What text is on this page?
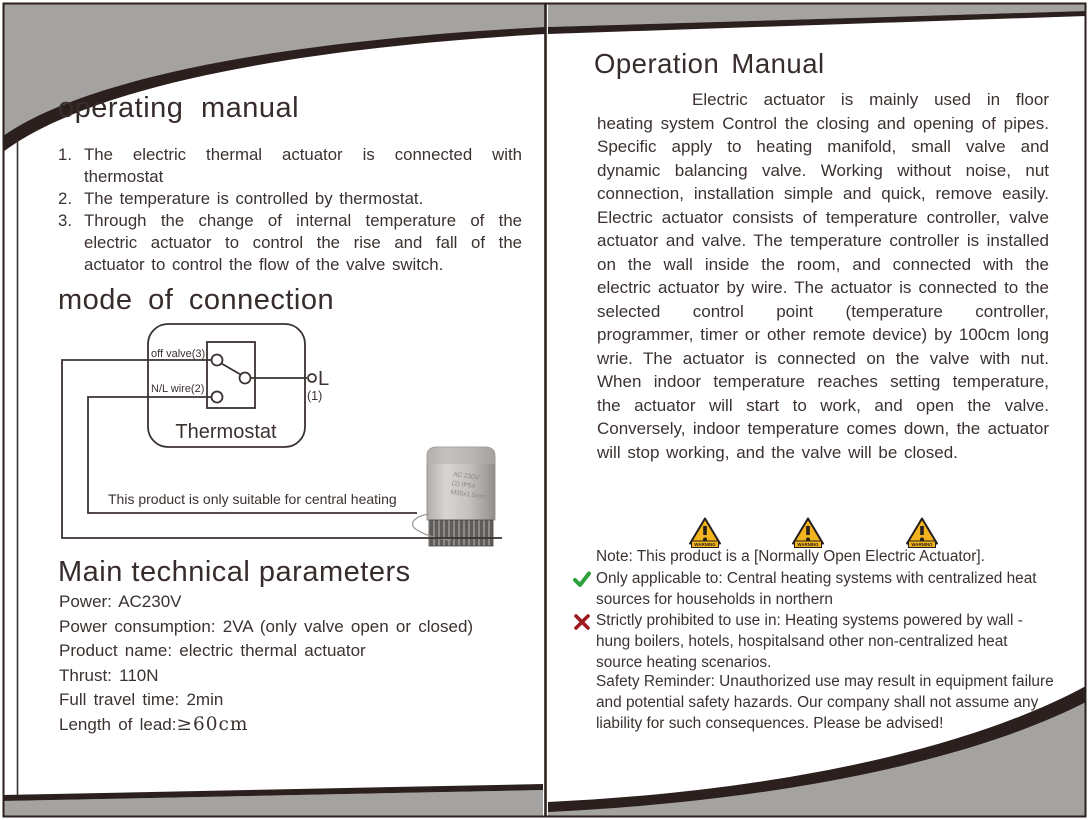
operating manual
1. The electric thermal actuator is connected with thermostat
2. The temperature is controlled by thermostat.
3. Through the change of internal temperature of the electric actuator to control the rise and fall of the actuator to control the flow of the valve switch.
mode of connection
AC 230V
(2) IP54
M30x1.5mm
off valve(3)
N/L wire(2)	L
(1)
Thermostat
This product is only suitable for central heating
Main technical parameters
Power: AC230V
Power consumption: 2VA (only valve open or closed)
Product name: electric thermal actuator
Thrust: 110N
Full travel time: 2min
Length of lead:≥60cm
Operation Manual

Electric actuator is mainly used in floor heating system Control the closing and opening of pipes. Specific apply to heating manifold, small valve and dynamic balancing valve. Working without noise, nut connection, installation simple and quick, remove easily. Electric actuator consists of temperature controller, valve actuator and valve. The temperature controller is installed on the wall inside the room, and connected with the electric actuator by wire. The actuator is connected to the selected control point (temperature controller, programmer, timer or other remote device) by 100cm long wrie. The actuator is connected on the valve with nut. When indoor temperature reaches setting temperature, the actuator will start to work, and open the valve. Conversely, indoor temperature comes down, the actuator will stop working, and the valve will be closed.

WARNING	WARNING	WARNING
Note: This product is a [Normally Open Electric Actuator].
Only applicable to: Central heating systems with centralized heat sources for households in northern
Strictly prohibited to use in: Heating systems powered by wall -hung boilers, hotels, hospitalsand other non-centralized heat source heating scenarios.
Safety Reminder: Unauthorized use may result in equipment failure and potential safety hazards. Our company shall not assume any liability for such consequences. Please be advised!
